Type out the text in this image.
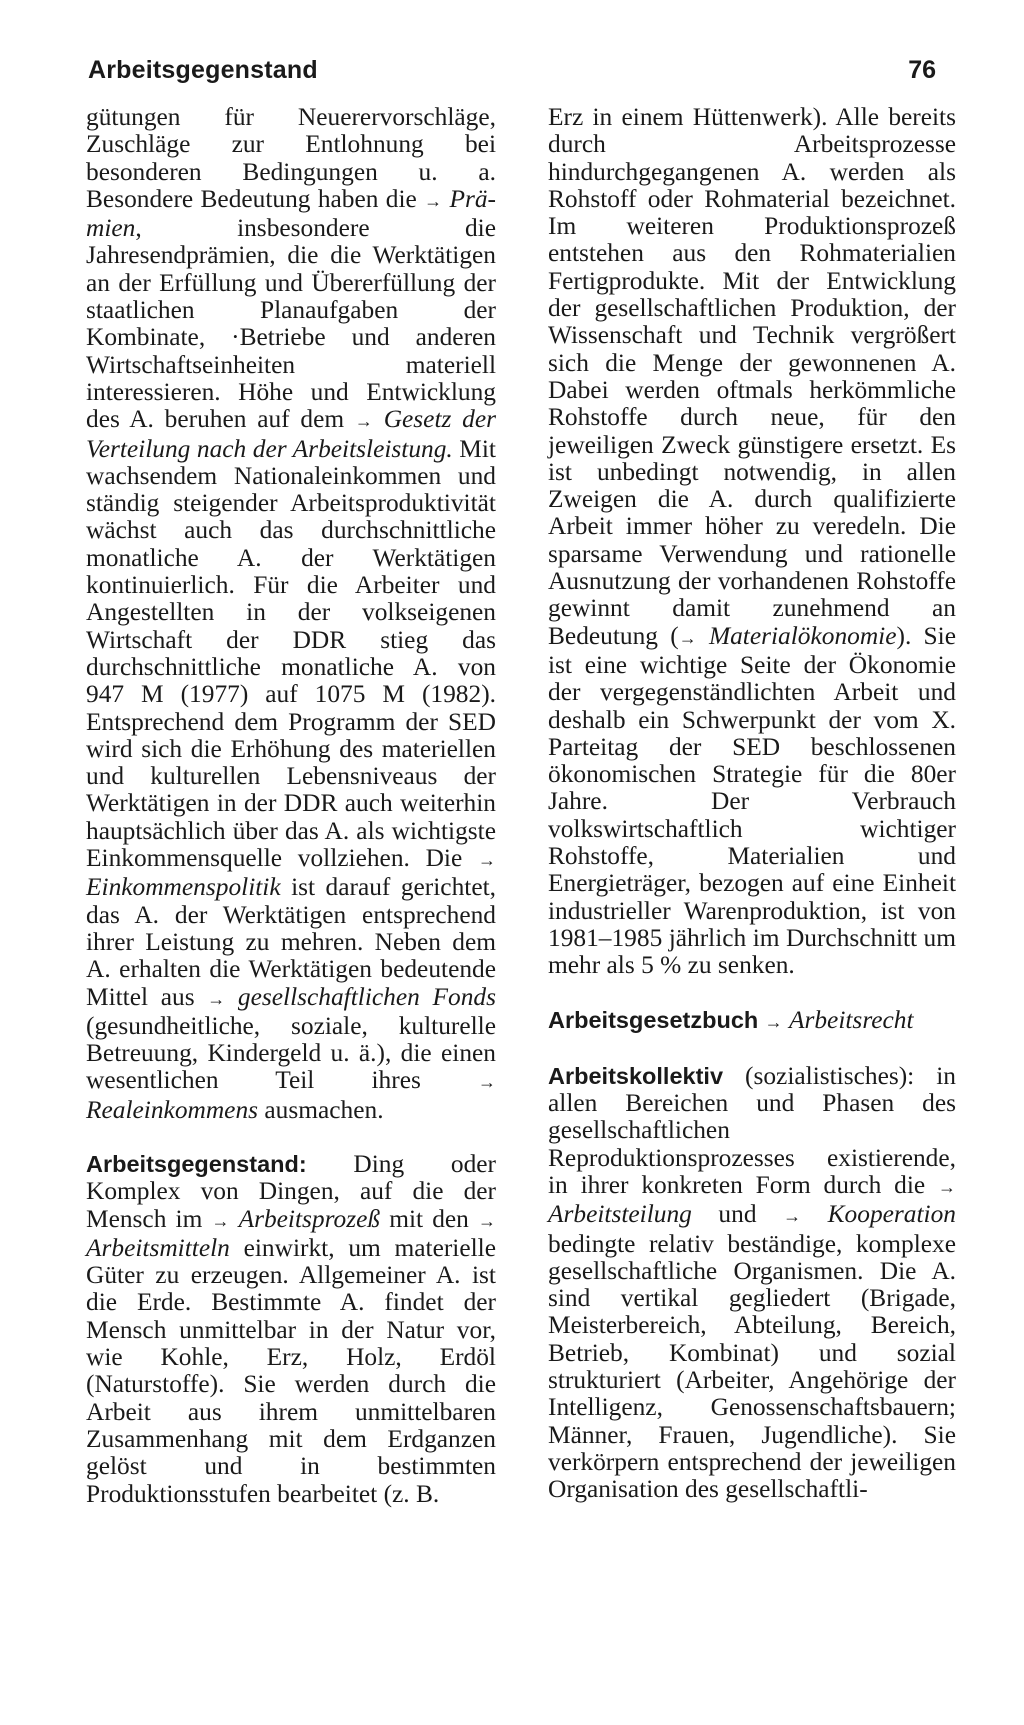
Arbeitsgegenstand	76

gütungen für Neuerervorschläge, Zuschläge zur Entlohnung bei besonderen Bedingungen u. a. Besondere Bedeutung haben die → Prä-mien, insbesondere die Jahresendprämien, die die Werktätigen an der Erfüllung und Übererfüllung der staatlichen Planaufgaben der Kombinate, ·Betriebe und anderen Wirtschaftseinheiten materiell interessieren. Höhe und Entwicklung des A. beruhen auf dem → Gesetz der Verteilung nach der Arbeitsleistung. Mit wachsendem Nationaleinkommen und ständig steigender Arbeitsproduktivität wächst auch das durchschnittliche monatliche A. der Werktätigen kontinuierlich. Für die Arbeiter und Angestellten in der volkseigenen Wirtschaft der DDR stieg das durchschnittliche monatliche A. von 947 M (1977) auf 1075 M (1982). Entsprechend dem Programm der SED wird sich die Erhöhung des materiellen und kulturellen Lebensniveaus der Werktätigen in der DDR auch weiterhin hauptsächlich über das A. als wichtigste Einkommensquelle vollziehen. Die → Einkommenspolitik ist darauf gerichtet, das A. der Werktätigen entsprechend ihrer Leistung zu mehren. Neben dem A. erhalten die Werktätigen bedeutende Mittel aus → gesellschaftlichen Fonds (gesundheitliche, soziale, kulturelle Betreuung, Kindergeld u. ä.), die einen wesentlichen Teil ihres → Realeinkommens ausmachen.

Arbeitsgegenstand: Ding oder Komplex von Dingen, auf die der Mensch im → Arbeitsprozeß mit den → Arbeitsmitteln einwirkt, um materielle Güter zu erzeugen. Allgemeiner A. ist die Erde. Bestimmte A. findet der Mensch unmittelbar in der Natur vor, wie Kohle, Erz, Holz, Erdöl (Naturstoffe). Sie werden durch die Arbeit aus ihrem unmittelbaren Zusammenhang mit dem Erdganzen gelöst und in bestimmten Produktionsstufen bearbeitet (z. B.

Erz in einem Hüttenwerk). Alle bereits durch Arbeitsprozesse hindurchgegangenen A. werden als Rohstoff oder Rohmaterial bezeichnet. Im weiteren Produktionsprozeß entstehen aus den Rohmaterialien Fertigprodukte. Mit der Entwicklung der gesellschaftlichen Produktion, der Wissenschaft und Technik vergrößert sich die Menge der gewonnenen A. Dabei werden oftmals herkömmliche Rohstoffe durch neue, für den jeweiligen Zweck günstigere ersetzt. Es ist unbedingt notwendig, in allen Zweigen die A. durch qualifizierte Arbeit immer höher zu veredeln. Die sparsame Verwendung und rationelle Ausnutzung der vorhandenen Rohstoffe gewinnt damit zunehmend an Bedeutung (→ Materialökonomie). Sie ist eine wichtige Seite der Ökonomie der vergegenständlichten Arbeit und deshalb ein Schwerpunkt der vom X. Parteitag der SED beschlossenen ökonomischen Strategie für die 80er Jahre. Der Verbrauch volkswirtschaftlich wichtiger Rohstoffe, Materialien und Energieträger, bezogen auf eine Einheit industrieller Warenproduktion, ist von 1981–1985 jährlich im Durchschnitt um mehr als 5 % zu senken.

Arbeitsgesetzbuch → Arbeitsrecht

Arbeitskollektiv (sozialistisches): in allen Bereichen und Phasen des gesellschaftlichen Reproduktionsprozesses existierende, in ihrer konkreten Form durch die → Arbeitsteilung und → Kooperation bedingte relativ beständige, komplexe gesellschaftliche Organismen. Die A. sind vertikal gegliedert (Brigade, Meisterbereich, Abteilung, Bereich, Betrieb, Kombinat) und sozial strukturiert (Arbeiter, Angehörige der Intelligenz, Genossenschaftsbauern; Männer, Frauen, Jugendliche). Sie verkörpern entsprechend der jeweiligen Organisation des gesellschaftli-
